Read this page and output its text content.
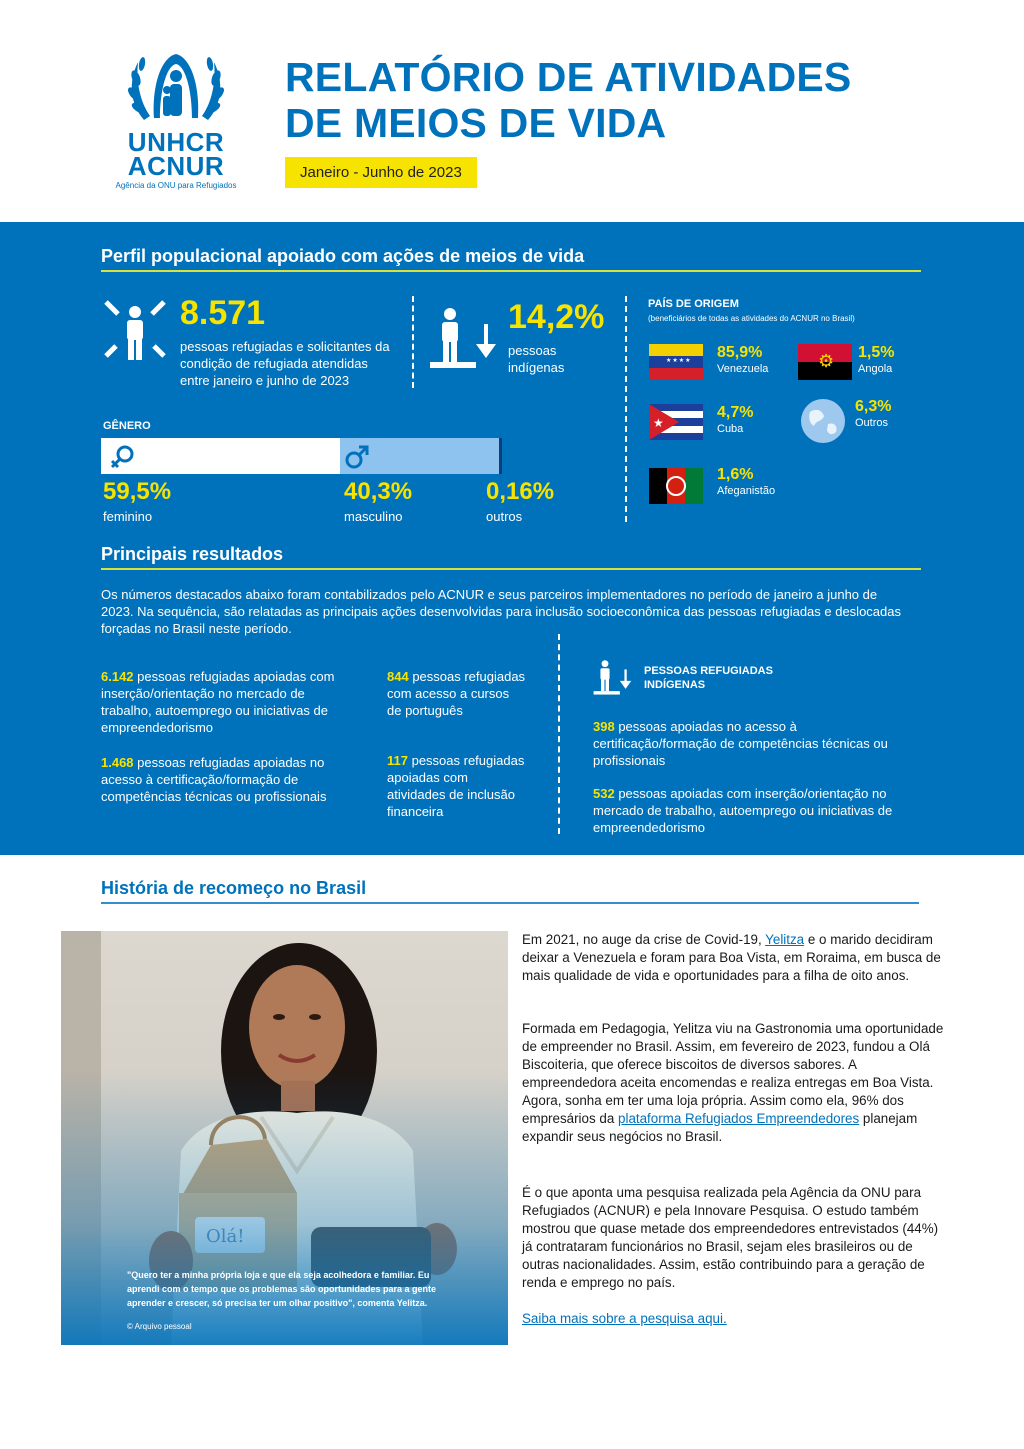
UNHCR
ACNUR
Agência da ONU para Refugiados
RELATÓRIO DE ATIVIDADES
DE MEIOS DE VIDA
Janeiro - Junho de 2023
Perfil populacional apoiado com ações de meios de vida
8.571
pessoas refugiadas e solicitantes da condição de refugiada atendidas entre janeiro e junho de 2023
14,2%
pessoas indígenas
GÊNERO
59,5%
feminino
40,3%
masculino
0,16%
outros
PAÍS DE ORIGEM
(beneficiários de todas as atividades do ACNUR no Brasil)
★★★★ 85,9%
Venezuela	⚙ 1,5%
Angola
★
4,7%
Cuba
6,3%
Outros
1,6%
Afeganistão
Principais resultados
Os números destacados abaixo foram contabilizados pelo ACNUR e seus parceiros implementadores no período de janeiro a junho de 2023. Na sequência, são relatadas as principais ações desenvolvidas para inclusão socioeconômica das pessoas refugiadas e deslocadas forçadas no Brasil neste período.
6.142 pessoas refugiadas apoiadas com inserção/orientação no mercado de trabalho, autoemprego ou iniciativas de empreendedorismo
1.468 pessoas refugiadas apoiadas no acesso à certificação/formação de competências técnicas ou profissionais
844 pessoas refugiadas com acesso a cursos de português
117 pessoas refugiadas apoiadas com atividades de inclusão financeira
PESSOAS REFUGIADAS INDÍGENAS
398 pessoas apoiadas no acesso à certificação/formação de competências técnicas ou profissionais
532 pessoas apoiadas com inserção/orientação no mercado de trabalho, autoemprego ou iniciativas de empreendedorismo
História de recomeço no Brasil
"Quero ter a minha própria loja e que ela seja acolhedora e familiar. Eu aprendi com o tempo que os problemas são oportunidades para a gente aprender e crescer, só precisa ter um olhar positivo", comenta Yelitza.
© Arquivo pessoal
Em 2021, no auge da crise de Covid-19, Yelitza e o marido decidiram deixar a Venezuela e foram para Boa Vista, em Roraima, em busca de mais qualidade de vida e oportunidades para a filha de oito anos.
Formada em Pedagogia, Yelitza viu na Gastronomia uma oportunidade de empreender no Brasil. Assim, em fevereiro de 2023, fundou a Olá Biscoiteria, que oferece biscoitos de diversos sabores. A empreendedora aceita encomendas e realiza entregas em Boa Vista. Agora, sonha em ter uma loja própria. Assim como ela, 96% dos empresários da plataforma Refugiados Empreendedores planejam expandir seus negócios no Brasil.
É o que aponta uma pesquisa realizada pela Agência da ONU para Refugiados (ACNUR) e pela Innovare Pesquisa. O estudo também mostrou que quase metade dos empreendedores entrevistados (44%) já contrataram funcionários no Brasil, sejam eles brasileiros ou de outras nacionalidades. Assim, estão contribuindo para a geração de renda e emprego no país.
Saiba mais sobre a pesquisa aqui.
